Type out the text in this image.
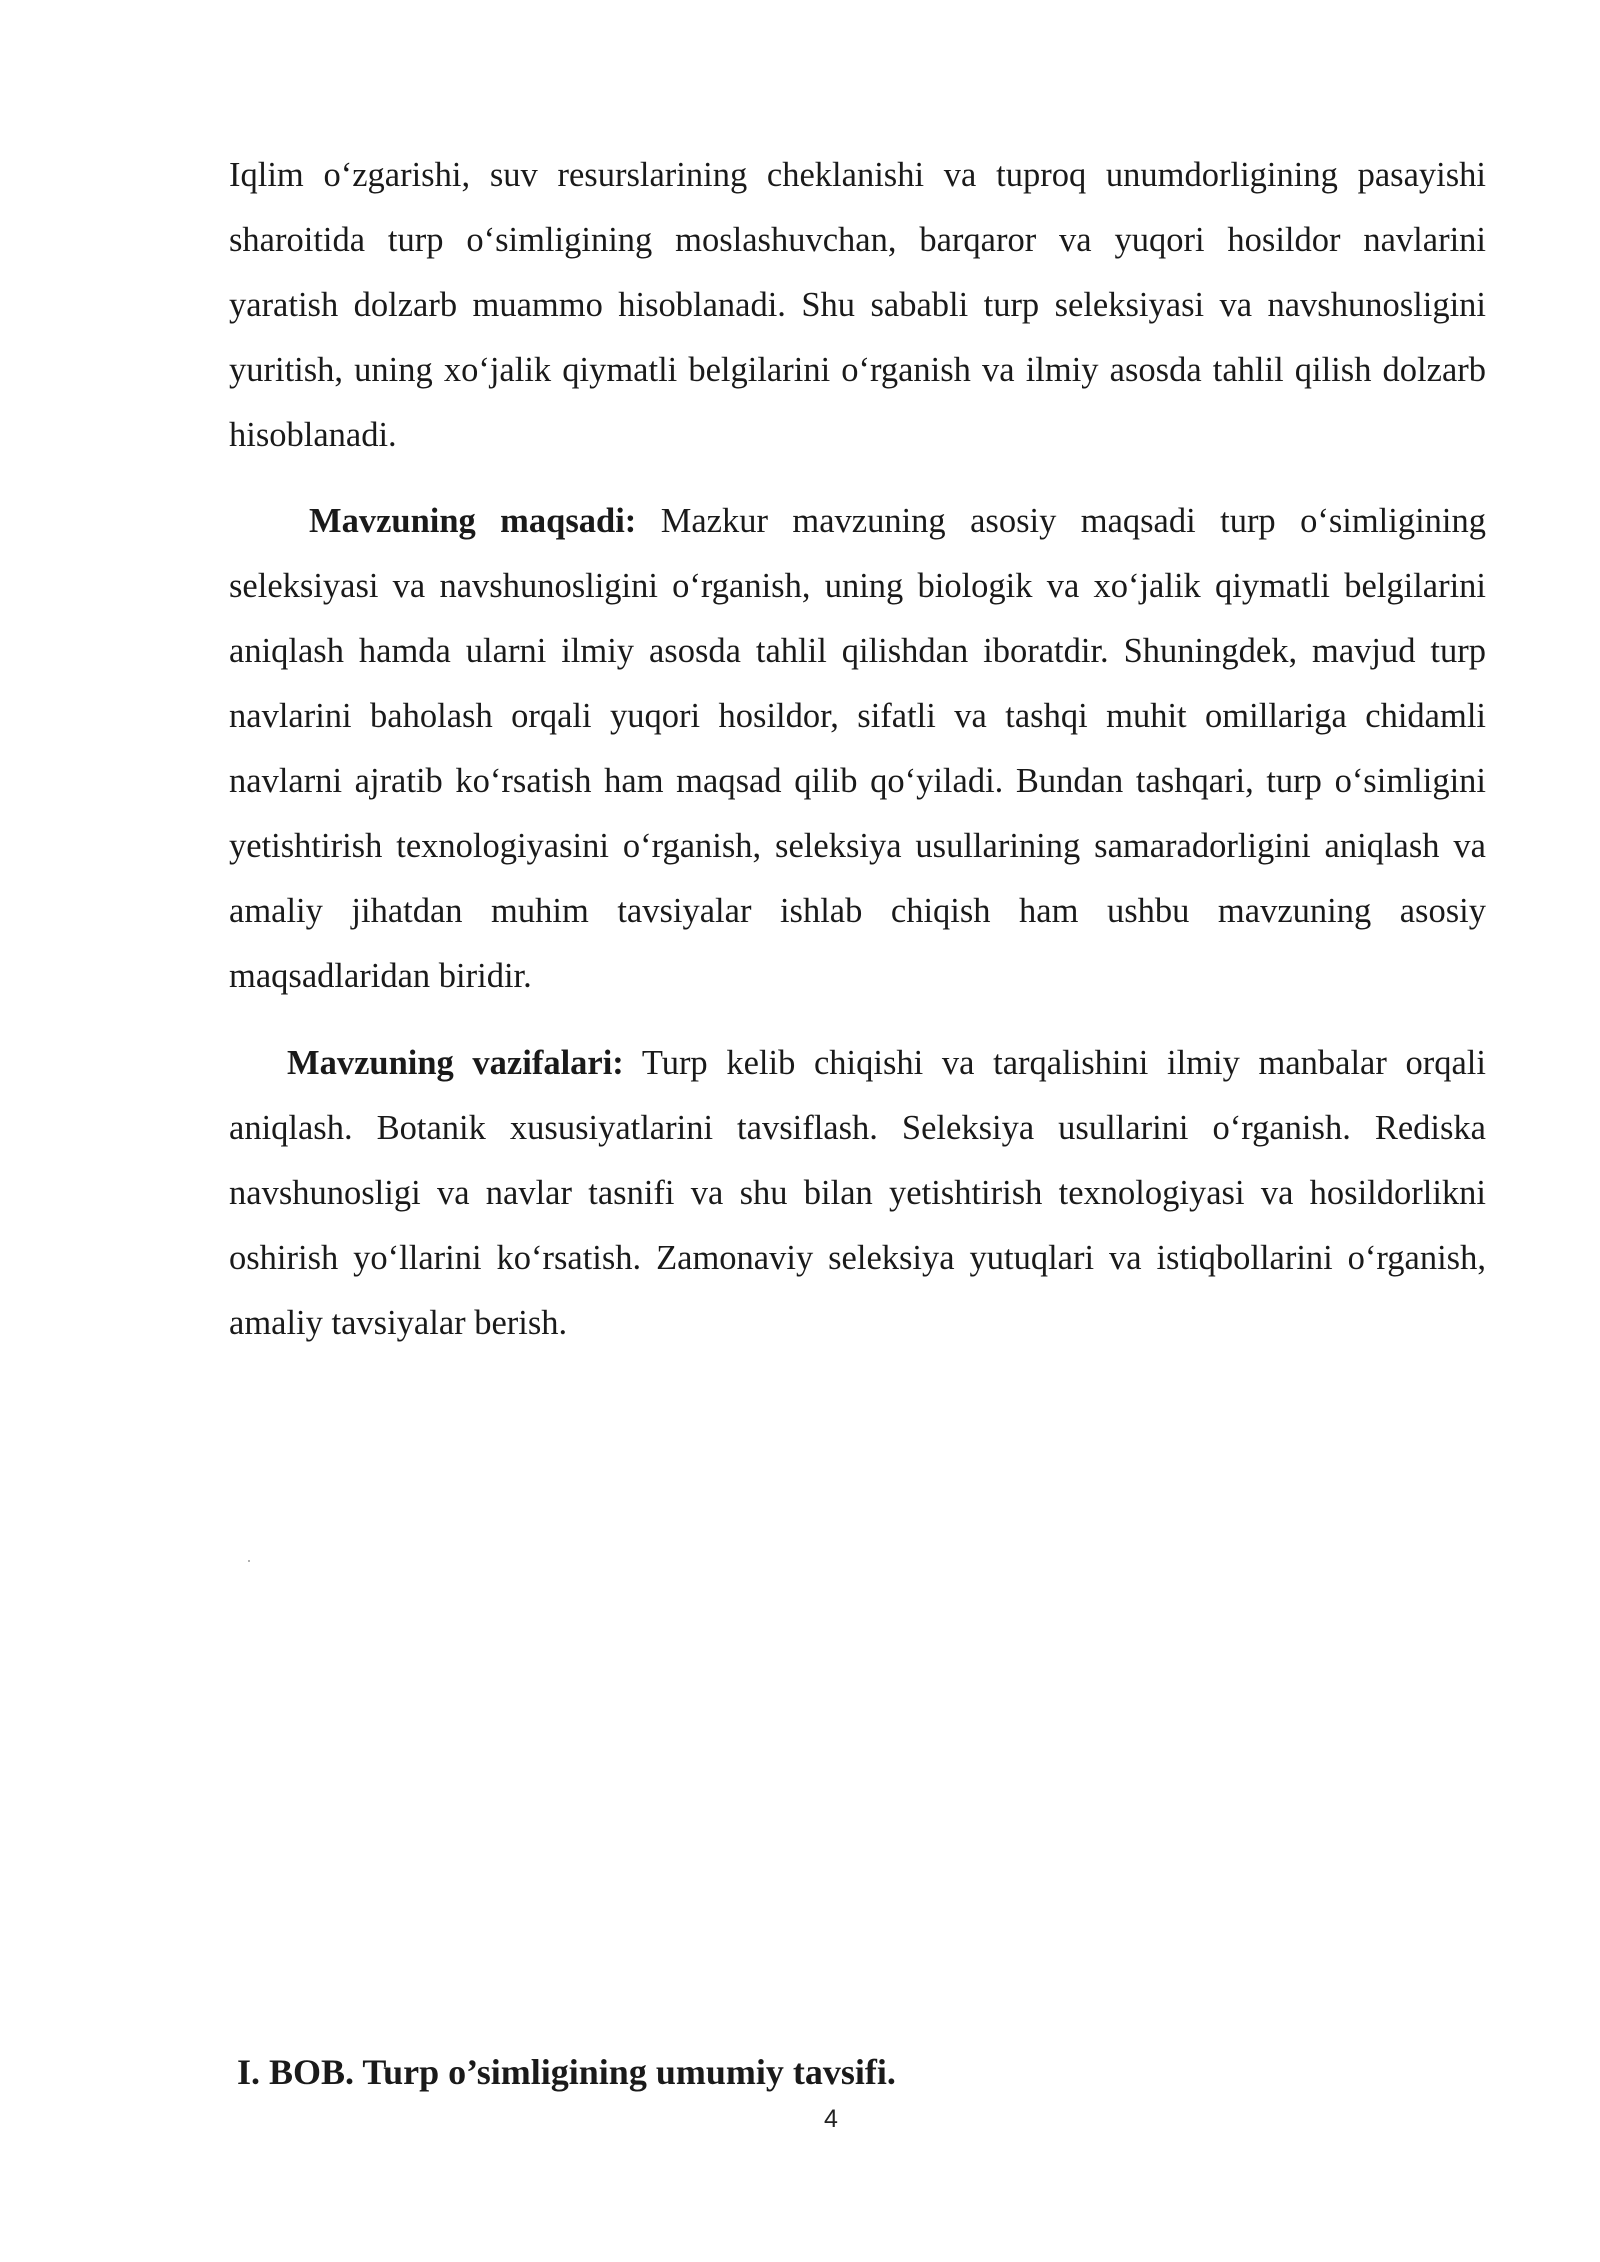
Iqlim o‘zgarishi, suv resurslarining cheklanishi va tuproq unumdorligining pasayishi sharoitida turp o‘simligining moslashuvchan, barqaror va yuqori hosildor navlarini yaratish dolzarb muammo hisoblanadi. Shu sababli turp seleksiyasi va navshunosligini yuritish, uning xo‘jalik qiymatli belgilarini o‘rganish va ilmiy asosda tahlil qilish dolzarb hisoblanadi.

Mavzuning maqsadi: Mazkur mavzuning asosiy maqsadi turp o‘simligining seleksiyasi va navshunosligini o‘rganish, uning biologik va xo‘jalik qiymatli belgilarini aniqlash hamda ularni ilmiy asosda tahlil qilishdan iboratdir. Shuningdek, mavjud turp navlarini baholash orqali yuqori hosildor, sifatli va tashqi muhit omillariga chidamli navlarni ajratib ko‘rsatish ham maqsad qilib qo‘yiladi. Bundan tashqari, turp o‘simligini yetishtirish texnologiyasini o‘rganish, seleksiya usullarining samaradorligini aniqlash va amaliy jihatdan muhim tavsiyalar ishlab chiqish ham ushbu mavzuning asosiy maqsadlaridan biridir.

Mavzuning vazifalari: Turp kelib chiqishi va tarqalishini ilmiy manbalar orqali aniqlash. Botanik xususiyatlarini tavsiflash. Seleksiya usullarini o‘rganish. Rediska navshunosligi va navlar tasnifi va shu bilan yetishtirish texnologiyasi va hosildorlikni oshirish yo‘llarini ko‘rsatish. Zamonaviy seleksiya yutuqlari va istiqbollarini o‘rganish, amaliy tavsiyalar berish.

I. BOB. Turp o’simligining umumiy tavsifi.
4
